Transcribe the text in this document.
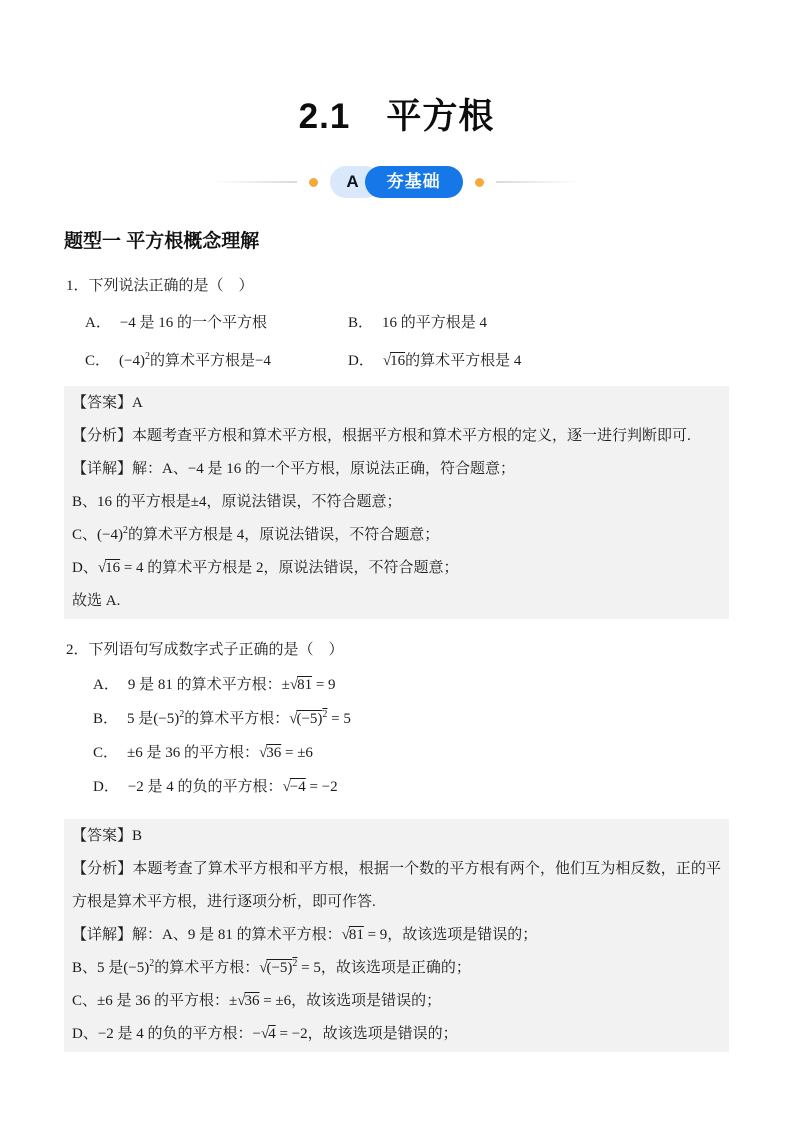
2.1　平方根
A	夯基础
题型一 平方根概念理解

1．下列说法正确的是（　）

A． −4 是 16 的一个平方根	B． 16 的平方根是 4
C． $(-4)^2$的算术平方根是−4	D． √16的算术平方根是 4

【答案】A

【分析】本题考查平方根和算术平方根，根据平方根和算术平方根的定义，逐一进行判断即可.

【详解】解：A、−4 是 16 的一个平方根，原说法正确，符合题意；

B、16 的平方根是±4，原说法错误，不符合题意；

C、$(-4)^2$的算术平方根是 4，原说法错误，不符合题意；

D、√16 = 4 的算术平方根是 2，原说法错误，不符合题意；

故选 A.

2．下列语句写成数字式子正确的是（　）

A． 9 是 81 的算术平方根：±√81 = 9

B． 5 是$(-5)^2$的算术平方根：$√(-5)^2 = 5$

C． ±6 是 36 的平方根：√36 = ±6

D． −2 是 4 的负的平方根：√−4 = −2

【答案】B

【分析】本题考查了算术平方根和平方根，根据一个数的平方根有两个，他们互为相反数，正的平方根是算术平方根，进行逐项分析，即可作答.

【详解】解：A、9 是 81 的算术平方根：√81 = 9，故该选项是错误的；

B、5 是$(-5)^2$的算术平方根：$√(-5)^2 = 5$，故该选项是正确的；

C、±6 是 36 的平方根：±√36 = ±6，故该选项是错误的；

D、−2 是 4 的负的平方根：−√4 = −2，故该选项是错误的；
